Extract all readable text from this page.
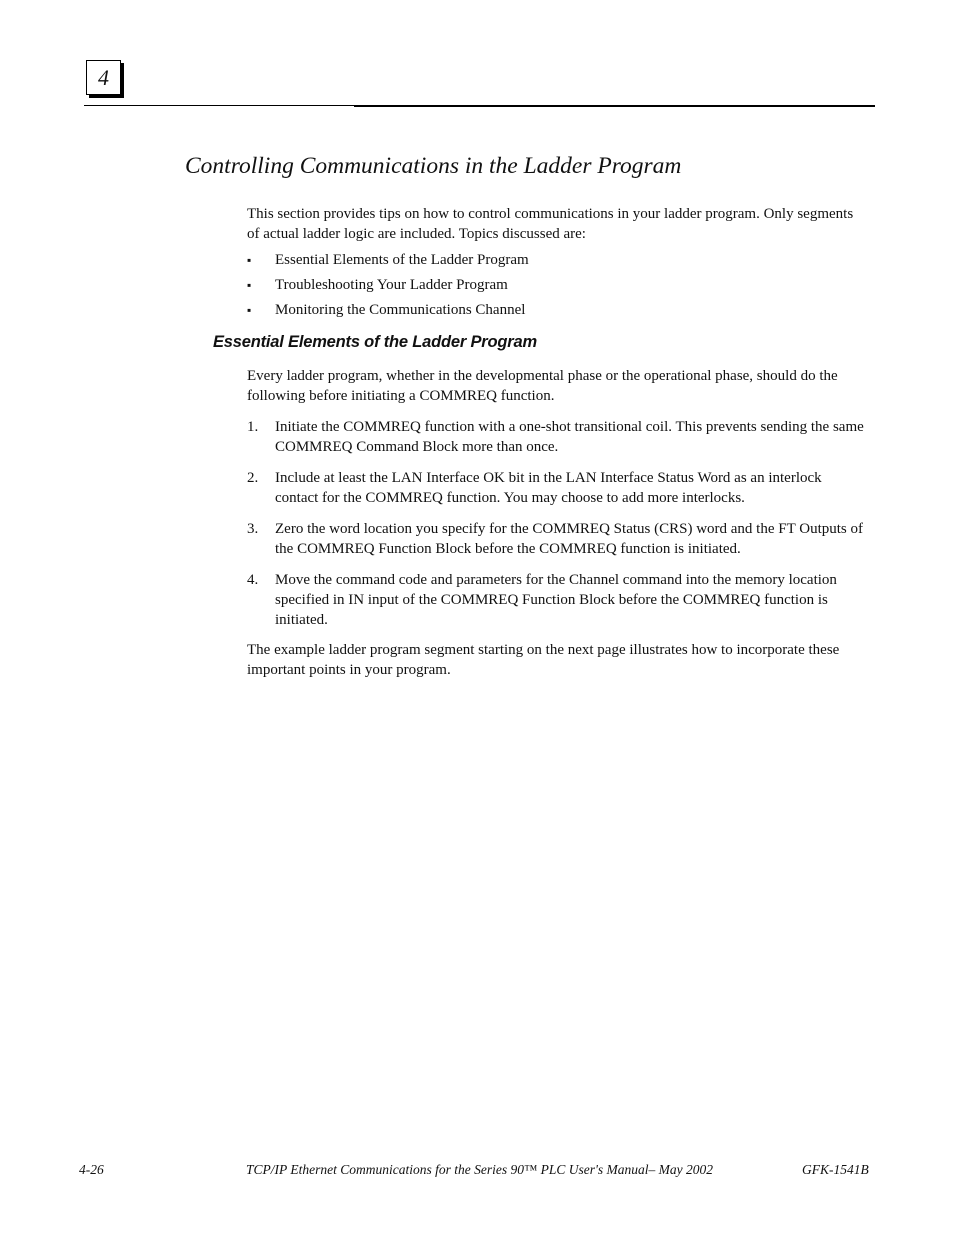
4
Controlling Communications in the Ladder Program

This section provides tips on how to control communications in your ladder program. Only segments of actual ladder logic are included. Topics discussed are:

▪ Essential Elements of the Ladder Program
▪ Troubleshooting Your Ladder Program
▪ Monitoring the Communications Channel
Essential Elements of the Ladder Program

Every ladder program, whether in the developmental phase or the operational phase, should do the following before initiating a COMMREQ function.

1. Initiate the COMMREQ function with a one-shot transitional coil. This prevents sending the same COMMREQ Command Block more than once.
2. Include at least the LAN Interface OK bit in the LAN Interface Status Word as an interlock contact for the COMMREQ function. You may choose to add more interlocks.
3. Zero the word location you specify for the COMMREQ Status (CRS) word and the FT Outputs of the COMMREQ Function Block before the COMMREQ function is initiated.
4. Move the command code and parameters for the Channel command into the memory location specified in IN input of the COMMREQ Function Block before the COMMREQ function is initiated.

The example ladder program segment starting on the next page illustrates how to incorporate these important points in your program.

4-26	TCP/IP Ethernet Communications for the Series 90™ PLC User's Manual– May 2002	GFK-1541B
